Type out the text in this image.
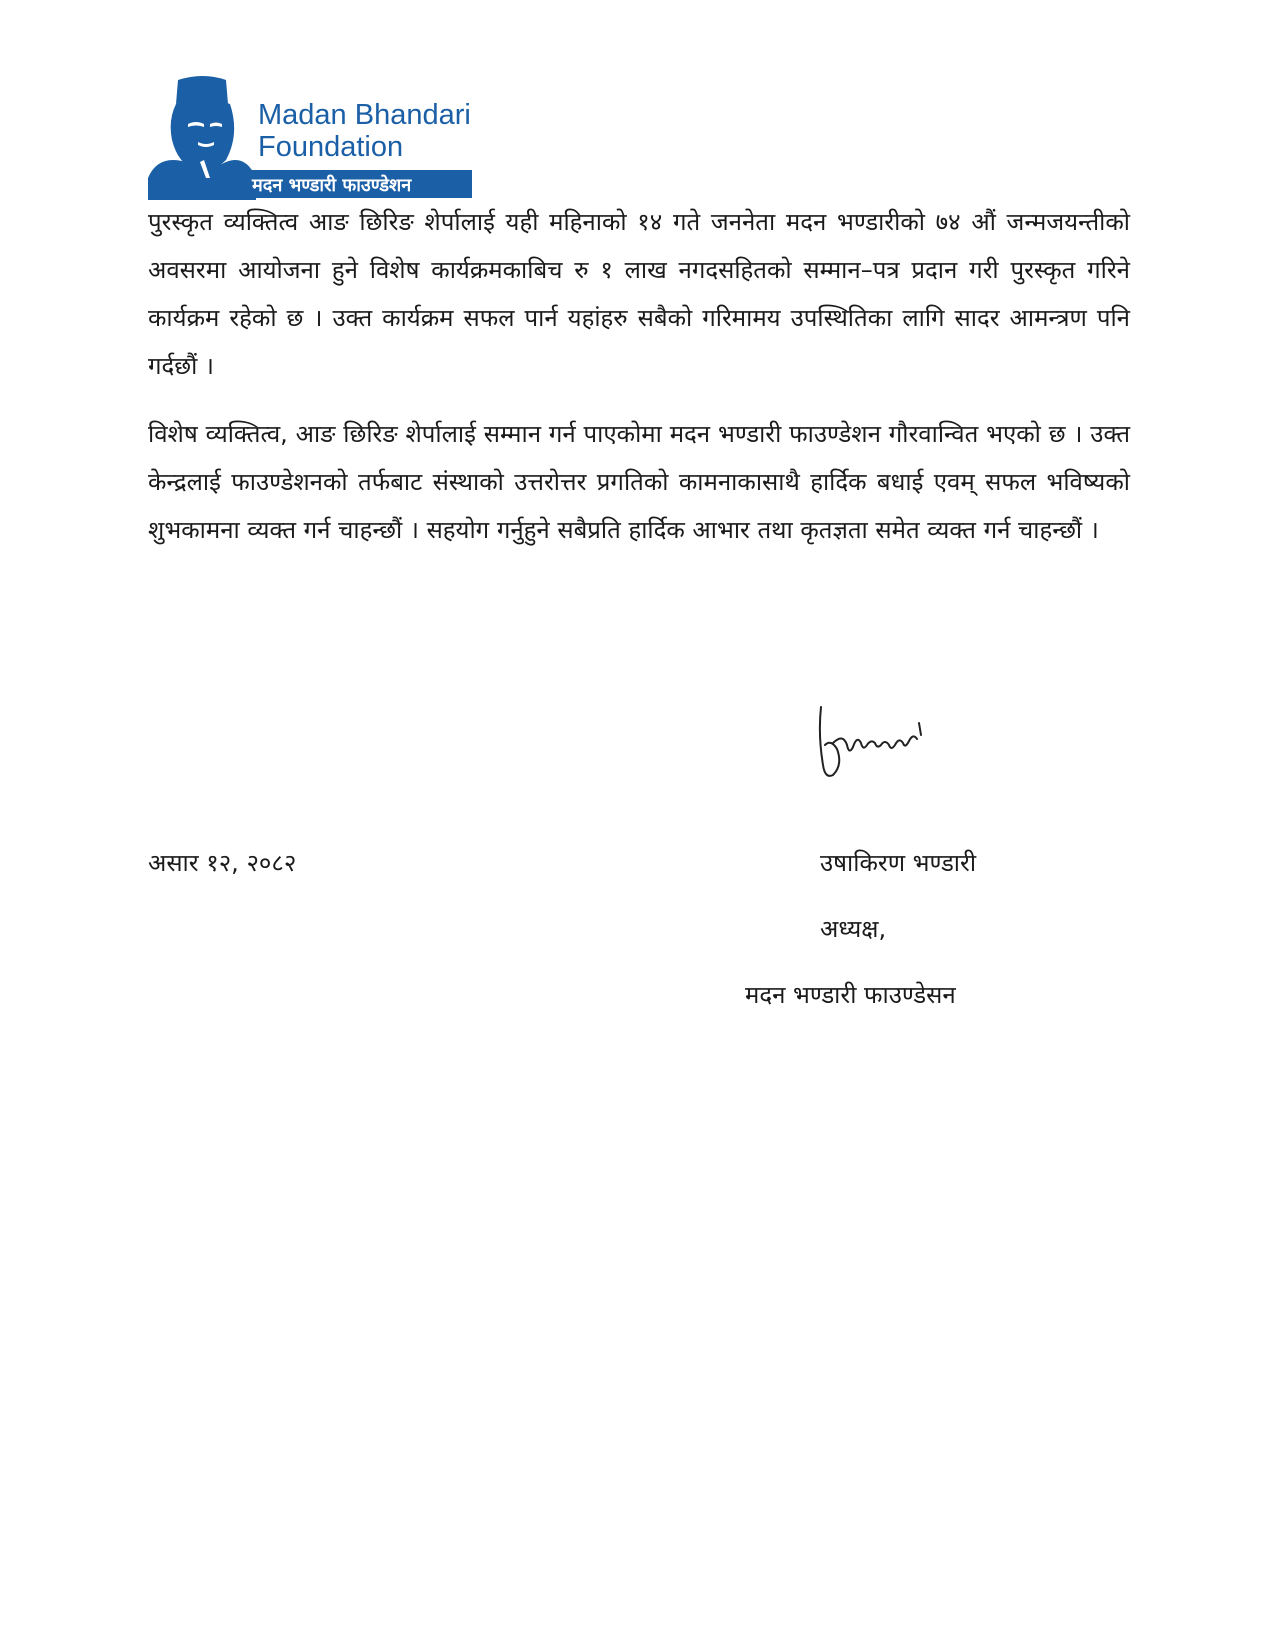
Madan Bhandari
Foundation
मदन भण्डारी फाउण्डेशन

पुरस्कृत व्यक्तित्व आङ छिरिङ शेर्पालाई यही महिनाको १४ गते जननेता मदन भण्डारीको ७४ औं जन्मजयन्तीको अवसरमा आयोजना हुने विशेष कार्यक्रमकाबिच रु १ लाख नगदसहितको सम्मान–पत्र प्रदान गरी पुरस्कृत गरिने कार्यक्रम रहेको छ । उक्त कार्यक्रम सफल पार्न यहांहरु सबैको गरिमामय उपस्थितिका लागि सादर आमन्त्रण पनि गर्दछौं ।

विशेष व्यक्तित्व, आङ छिरिङ शेर्पालाई सम्मान गर्न पाएकोमा मदन भण्डारी फाउण्डेशन गौरवान्वित भएको छ । उक्त केन्द्रलाई फाउण्डेशनको तर्फबाट संस्थाको उत्तरोत्तर प्रगतिको कामनाकासाथै हार्दिक बधाई एवम् सफल भविष्यको शुभकामना व्यक्त गर्न चाहन्छौं । सहयोग गर्नुहुने सबैप्रति हार्दिक आभार तथा कृतज्ञता समेत व्यक्त गर्न चाहन्छौं ।

असार १२, २०८२	उषाकिरण भण्डारी
अध्यक्ष,
मदन भण्डारी फाउण्डेसन
